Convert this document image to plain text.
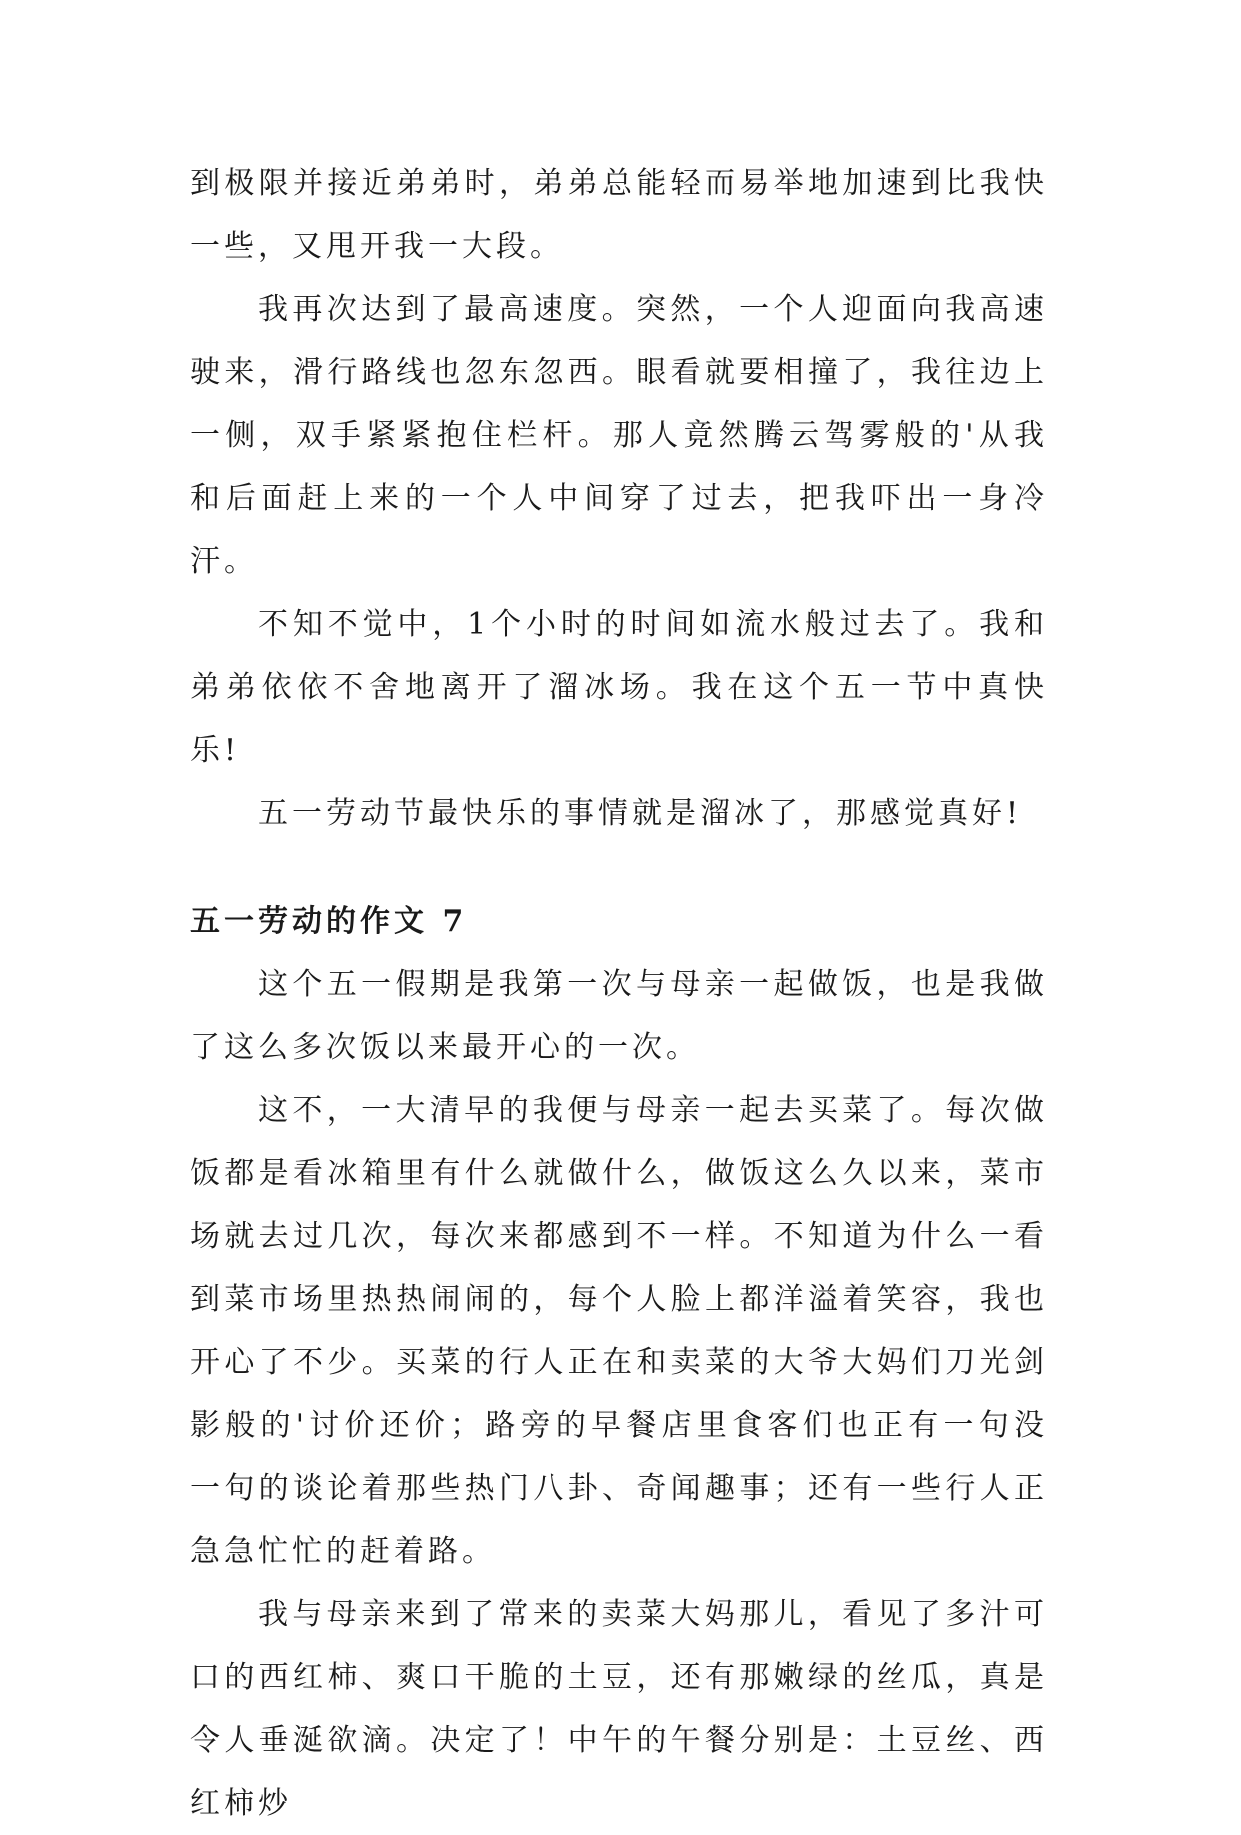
到极限并接近弟弟时，弟弟总能轻而易举地加速到比我快一些，又甩开我一大段。

我再次达到了最高速度。突然，一个人迎面向我高速驶来，滑行路线也忽东忽西。眼看就要相撞了，我往边上一侧，双手紧紧抱住栏杆。那人竟然腾云驾雾般的'从我和后面赶上来的一个人中间穿了过去，把我吓出一身冷汗。

不知不觉中，1个小时的时间如流水般过去了。我和弟弟依依不舍地离开了溜冰场。我在这个五一节中真快乐!

五一劳动节最快乐的事情就是溜冰了，那感觉真好!

五一劳动的作文 7

这个五一假期是我第一次与母亲一起做饭，也是我做了这么多次饭以来最开心的一次。

这不，一大清早的我便与母亲一起去买菜了。每次做饭都是看冰箱里有什么就做什么，做饭这么久以来，菜市场就去过几次，每次来都感到不一样。不知道为什么一看到菜市场里热热闹闹的，每个人脸上都洋溢着笑容，我也开心了不少。买菜的行人正在和卖菜的大爷大妈们刀光剑影般的'讨价还价；路旁的早餐店里食客们也正有一句没一句的谈论着那些热门八卦、奇闻趣事；还有一些行人正急急忙忙的赶着路。

我与母亲来到了常来的卖菜大妈那儿，看见了多汁可口的西红柿、爽口干脆的土豆，还有那嫩绿的丝瓜，真是令人垂涎欲滴。决定了！中午的午餐分别是：土豆丝、西红柿炒
